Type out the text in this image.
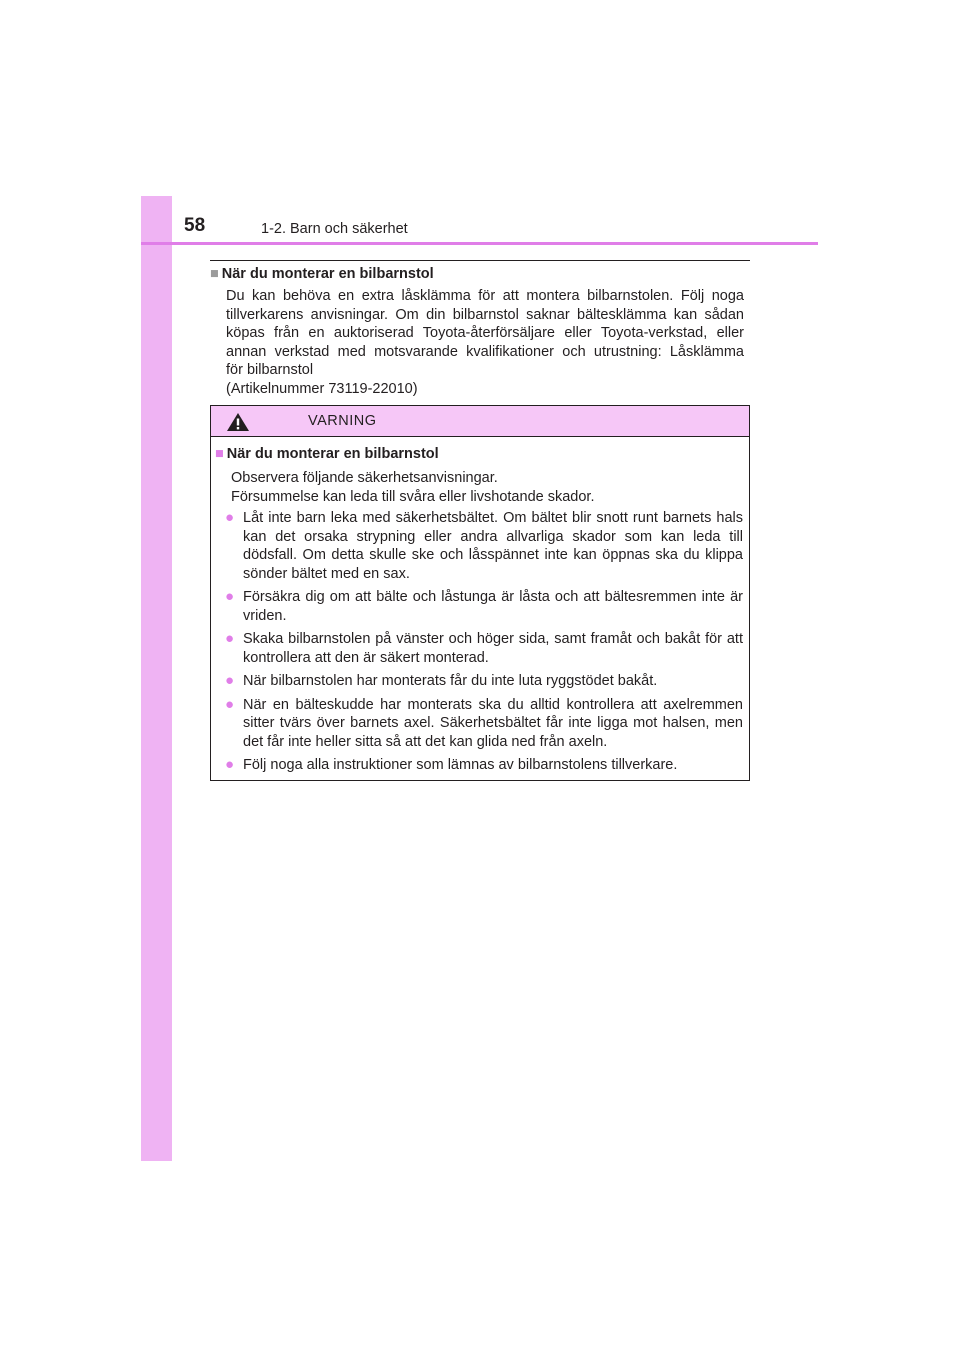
58	1-2. Barn och säkerhet
■ När du monterar en bilbarnstol

Du kan behöva en extra låsklämma för att montera bilbarnstolen. Följ noga

tillverkarens anvisningar. Om din bilbarnstol saknar bältesklämma kan sådan

köpas från en auktoriserad Toyota-återförsäljare eller Toyota-verkstad, eller

annan verkstad med motsvarande kvalifikationer och utrustning: Låsklämma

för bilbarnstol

(Artikelnummer 73119-22010)

VARNING
■ När du monterar en bilbarnstol
Observera följande säkerhetsanvisningar.
Försummelse kan leda till svåra eller livshotande skador.
● Låt inte barn leka med säkerhetsbältet. Om bältet blir snott runt barnets hals kan det orsaka strypning eller andra allvarliga skador som kan leda till dödsfall. Om detta skulle ske och låsspännet inte kan öppnas ska du klippa sönder bältet med en sax.
● Försäkra dig om att bälte och låstunga är låsta och att bältesremmen inte är vriden.
● Skaka bilbarnstolen på vänster och höger sida, samt framåt och bakåt för att kontrollera att den är säkert monterad.
● När bilbarnstolen har monterats får du inte luta ryggstödet bakåt.
● När en bälteskudde har monterats ska du alltid kontrollera att axelremmen sitter tvärs över barnets axel. Säkerhetsbältet får inte ligga mot halsen, men det får inte heller sitta så att det kan glida ned från axeln.
● Följ noga alla instruktioner som lämnas av bilbarnstolens tillverkare.
